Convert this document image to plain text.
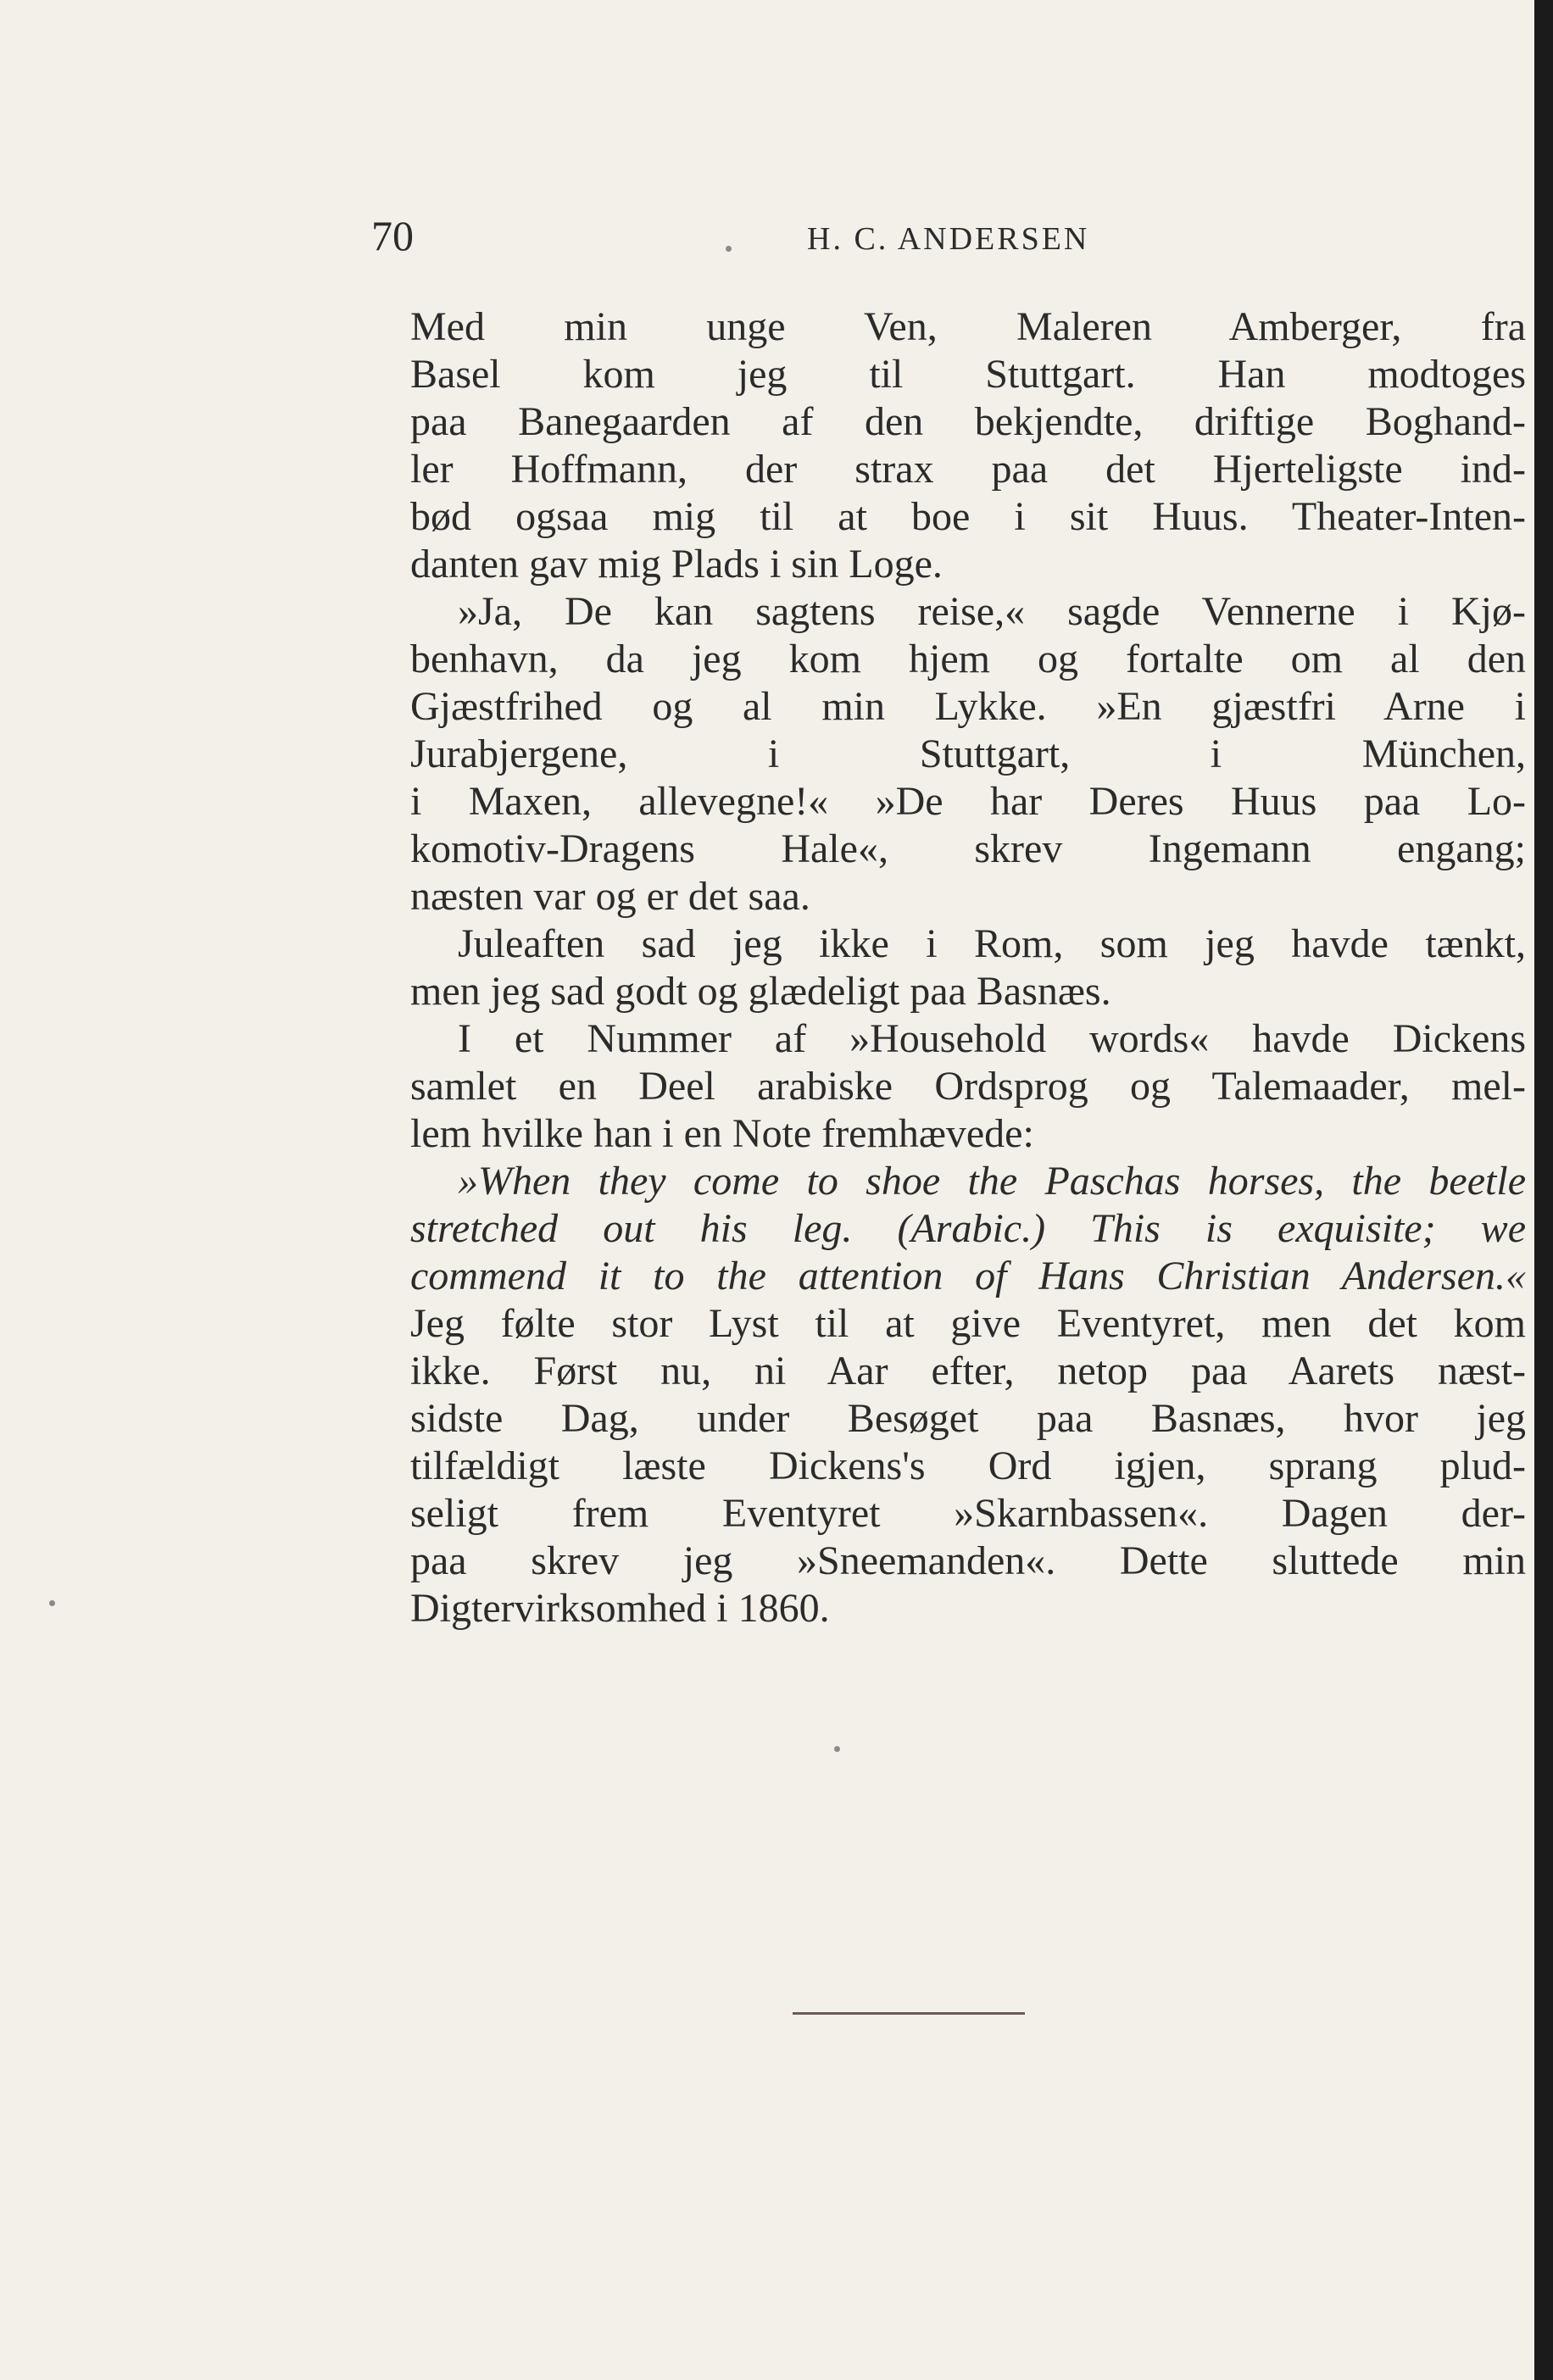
70	H. C. ANDERSEN
Med min unge Ven, Maleren Amberger, fra
Basel kom jeg til Stuttgart. Han modtoges
paa Banegaarden af den bekjendte, driftige Boghand-
ler Hoffmann, der strax paa det Hjerteligste ind-
bød ogsaa mig til at boe i sit Huus. Theater-Inten-
danten gav mig Plads i sin Loge.
»Ja, De kan sagtens reise,« sagde Vennerne i Kjø-
benhavn, da jeg kom hjem og fortalte om al den
Gjæstfrihed og al min Lykke. »En gjæstfri Arne i
Jurabjergene, i Stuttgart, i München,
i Maxen, allevegne!« »De har Deres Huus paa Lo-
komotiv-Dragens Hale«, skrev Ingemann engang;
næsten var og er det saa.
Juleaften sad jeg ikke i Rom, som jeg havde tænkt,
men jeg sad godt og glædeligt paa Basnæs.
I et Nummer af »Household words« havde Dickens
samlet en Deel arabiske Ordsprog og Talemaader, mel-
lem hvilke han i en Note fremhævede:
»When they come to shoe the Paschas horses, the beetle
stretched out his leg. (Arabic.) This is exquisite; we
commend it to the attention of Hans Christian Andersen.«
Jeg følte stor Lyst til at give Eventyret, men det kom
ikke. Først nu, ni Aar efter, netop paa Aarets næst-
sidste Dag, under Besøget paa Basnæs, hvor jeg
tilfældigt læste Dickens's Ord igjen, sprang plud-
seligt frem Eventyret »Skarnbassen«. Dagen der-
paa skrev jeg »Sneemanden«. Dette sluttede min
Digtervirksomhed i 1860.
